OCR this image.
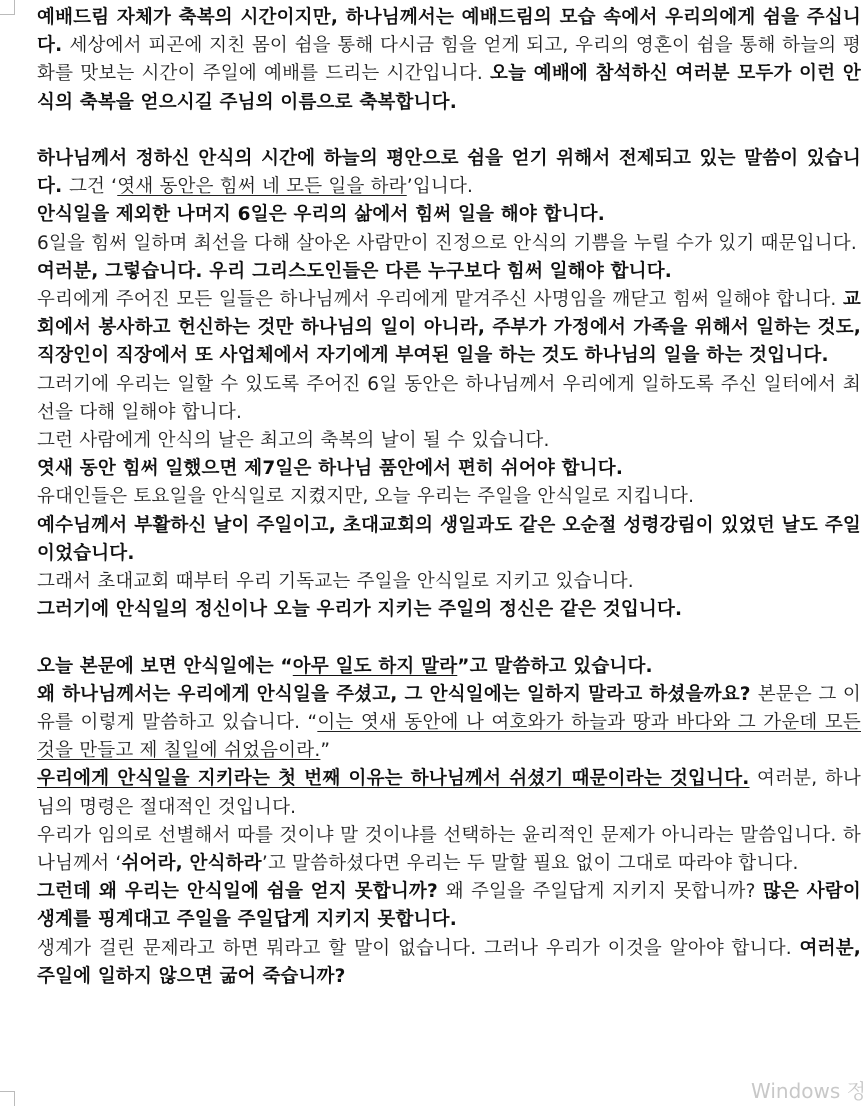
예배드림 자체가 축복의 시간이지만, 하나님께서는 예배드림의 모습 속에서 우리의에게 쉼을 주십니다. 세상에서 피곤에 지친 몸이 쉼을 통해 다시금 힘을 얻게 되고, 우리의 영혼이 쉼을 통해 하늘의 평화를 맛보는 시간이 주일에 예배를 드리는 시간입니다. 오늘 예배에 참석하신 여러분 모두가 이런 안식의 축복을 얻으시길 주님의 이름으로 축복합니다.

하나님께서 정하신 안식의 시간에 하늘의 평안으로 쉼을 얻기 위해서 전제되고 있는 말씀이 있습니다. 그건 ‘엿새 동안은 힘써 네 모든 일을 하라’입니다.

안식일을 제외한 나머지 6일은 우리의 삶에서 힘써 일을 해야 합니다.

6일을 힘써 일하며 최선을 다해 살아온 사람만이 진정으로 안식의 기쁨을 누릴 수가 있기 때문입니다.

여러분, 그렇습니다. 우리 그리스도인들은 다른 누구보다 힘써 일해야 합니다.

우리에게 주어진 모든 일들은 하나님께서 우리에게 맡겨주신 사명임을 깨닫고 힘써 일해야 합니다. 교회에서 봉사하고 헌신하는 것만 하나님의 일이 아니라, 주부가 가정에서 가족을 위해서 일하는 것도, 직장인이 직장에서 또 사업체에서 자기에게 부여된 일을 하는 것도 하나님의 일을 하는 것입니다.

그러기에 우리는 일할 수 있도록 주어진 6일 동안은 하나님께서 우리에게 일하도록 주신 일터에서 최선을 다해 일해야 합니다.

그런 사람에게 안식의 날은 최고의 축복의 날이 될 수 있습니다.

엿새 동안 힘써 일했으면 제7일은 하나님 품안에서 편히 쉬어야 합니다.

유대인들은 토요일을 안식일로 지켰지만, 오늘 우리는 주일을 안식일로 지킵니다.

예수님께서 부활하신 날이 주일이고, 초대교회의 생일과도 같은 오순절 성령강림이 있었던 날도 주일이었습니다.

그래서 초대교회 때부터 우리 기독교는 주일을 안식일로 지키고 있습니다.

그러기에 안식일의 정신이나 오늘 우리가 지키는 주일의 정신은 같은 것입니다.

오늘 본문에 보면 안식일에는 “아무 일도 하지 말라”고 말씀하고 있습니다.

왜 하나님께서는 우리에게 안식일을 주셨고, 그 안식일에는 일하지 말라고 하셨을까요? 본문은 그 이유를 이렇게 말씀하고 있습니다. “이는 엿새 동안에 나 여호와가 하늘과 땅과 바다와 그 가운데 모든 것을 만들고 제 칠일에 쉬었음이라.”

우리에게 안식일을 지키라는 첫 번째 이유는 하나님께서 쉬셨기 때문이라는 것입니다. 여러분, 하나님의 명령은 절대적인 것입니다.

우리가 임의로 선별해서 따를 것이냐 말 것이냐를 선택하는 윤리적인 문제가 아니라는 말씀입니다. 하나님께서 ‘쉬어라, 안식하라’고 말씀하셨다면 우리는 두 말할 필요 없이 그대로 따라야 합니다.

그런데 왜 우리는 안식일에 쉼을 얻지 못합니까? 왜 주일을 주일답게 지키지 못합니까? 많은 사람이 생계를 핑계대고 주일을 주일답게 지키지 못합니다.

생계가 걸린 문제라고 하면 뭐라고 할 말이 없습니다. 그러나 우리가 이것을 알아야 합니다. 여러분, 주일에 일하지 않으면 굶어 죽습니까?

Windows 정
